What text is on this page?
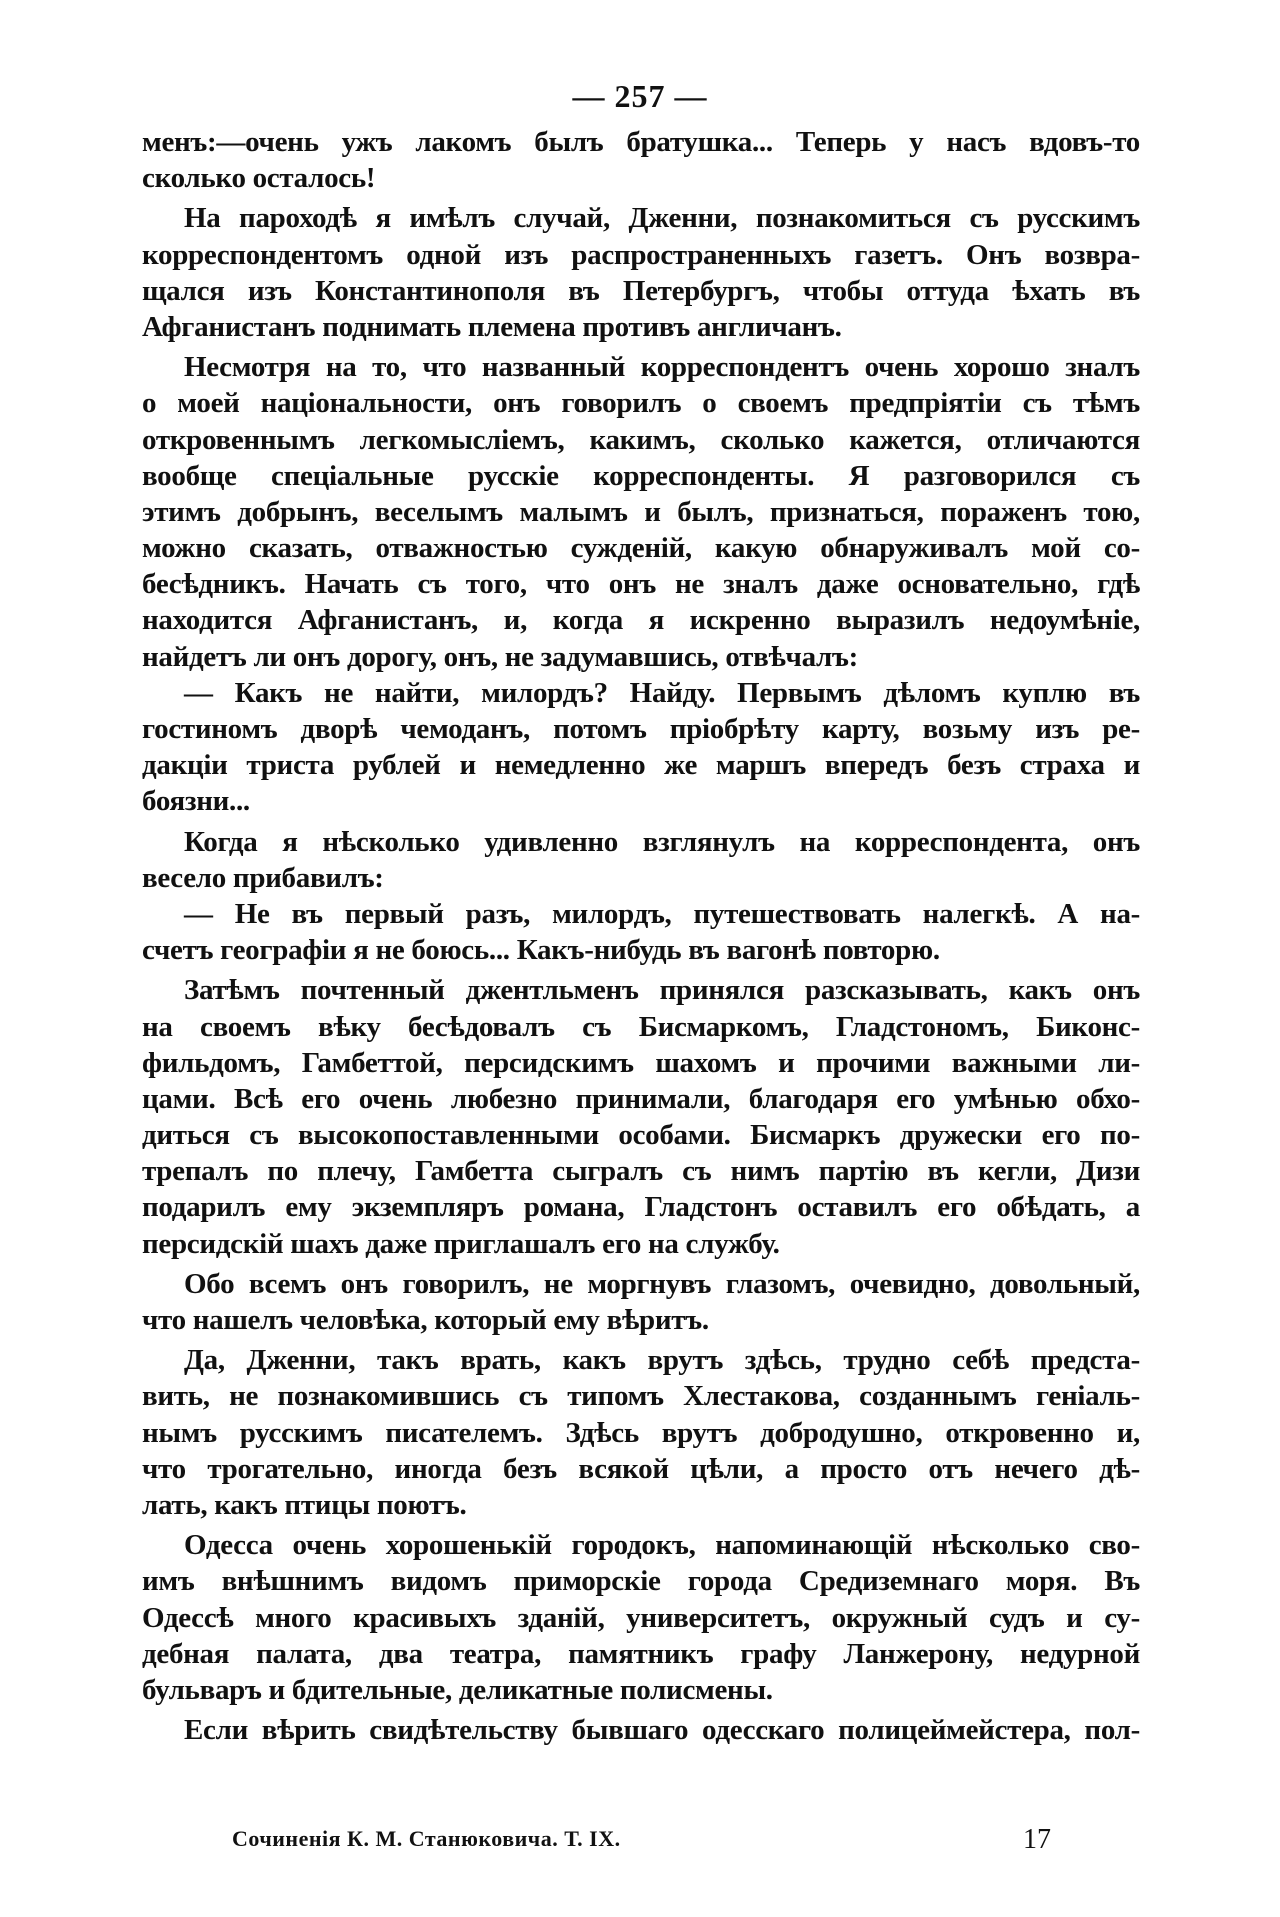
— 257 —
менъ:—очень ужъ лакомъ былъ братушка... Теперь у насъ вдовъ-то
сколько осталось!
На пароходѣ я имѣлъ случай, Дженни, познакомиться съ русскимъ
корреспондентомъ одной изъ распространенныхъ газетъ. Онъ возвра-
щался изъ Константинополя въ Петербургъ, чтобы оттуда ѣхать въ
Афганистанъ поднимать племена противъ англичанъ.
Несмотря на то, что названный корреспондентъ очень хорошо зналъ
о моей національности, онъ говорилъ о своемъ предпріятіи съ тѣмъ
откровеннымъ легкомысліемъ, какимъ, сколько кажется, отличаются
вообще спеціальные русскіе корреспонденты. Я разговорился съ
этимъ добрынъ, веселымъ малымъ и былъ, признаться, пораженъ тою,
можно сказать, отважностью сужденій, какую обнаруживалъ мой со-
бесѣдникъ. Начать съ того, что онъ не зналъ даже основательно, гдѣ
находится Афганистанъ, и, когда я искренно выразилъ недоумѣніе,
найдетъ ли онъ дорогу, онъ, не задумавшись, отвѣчалъ:
— Какъ не найти, милордъ? Найду. Первымъ дѣломъ куплю въ
гостиномъ дворѣ чемоданъ, потомъ пріобрѣту карту, возьму изъ ре-
дакціи триста рублей и немедленно же маршъ впередъ безъ страха и
боязни...
Когда я нѣсколько удивленно взглянулъ на корреспондента, онъ
весело прибавилъ:
— Не въ первый разъ, милордъ, путешествовать налегкѣ. А на-
счетъ географіи я не боюсь... Какъ-нибудь въ вагонѣ повторю.
Затѣмъ почтенный джентльменъ принялся разсказывать, какъ онъ
на своемъ вѣку бесѣдовалъ съ Бисмаркомъ, Гладстономъ, Биконс-
фильдомъ, Гамбеттой, персидскимъ шахомъ и прочими важными ли-
цами. Всѣ его очень любезно принимали, благодаря его умѣнью обхо-
диться съ высокопоставленными особами. Бисмаркъ дружески его по-
трепалъ по плечу, Гамбетта сыгралъ съ нимъ партію въ кегли, Дизи
подарилъ ему экземпляръ романа, Гладстонъ оставилъ его обѣдать, а
персидскій шахъ даже приглашалъ его на службу.
Обо всемъ онъ говорилъ, не моргнувъ глазомъ, очевидно, довольный,
что нашелъ человѣка, который ему вѣритъ.
Да, Дженни, такъ врать, какъ врутъ здѣсь, трудно себѣ предста-
вить, не познакомившись съ типомъ Хлестакова, созданнымъ геніаль-
нымъ русскимъ писателемъ. Здѣсь врутъ добродушно, откровенно и,
что трогательно, иногда безъ всякой цѣли, а просто отъ нечего дѣ-
лать, какъ птицы поютъ.
Одесса очень хорошенькій городокъ, напоминающій нѣсколько сво-
имъ внѣшнимъ видомъ приморскіе города Средиземнаго моря. Въ
Одессѣ много красивыхъ зданій, университетъ, окружный судъ и су-
дебная палата, два театра, памятникъ графу Ланжерону, недурной
бульваръ и бдительные, деликатные полисмены.
Если вѣрить свидѣтельству бывшаго одесскаго полицеймейстера, пол-
Сочиненія К. М. Станюковича. Т. IX.	17
